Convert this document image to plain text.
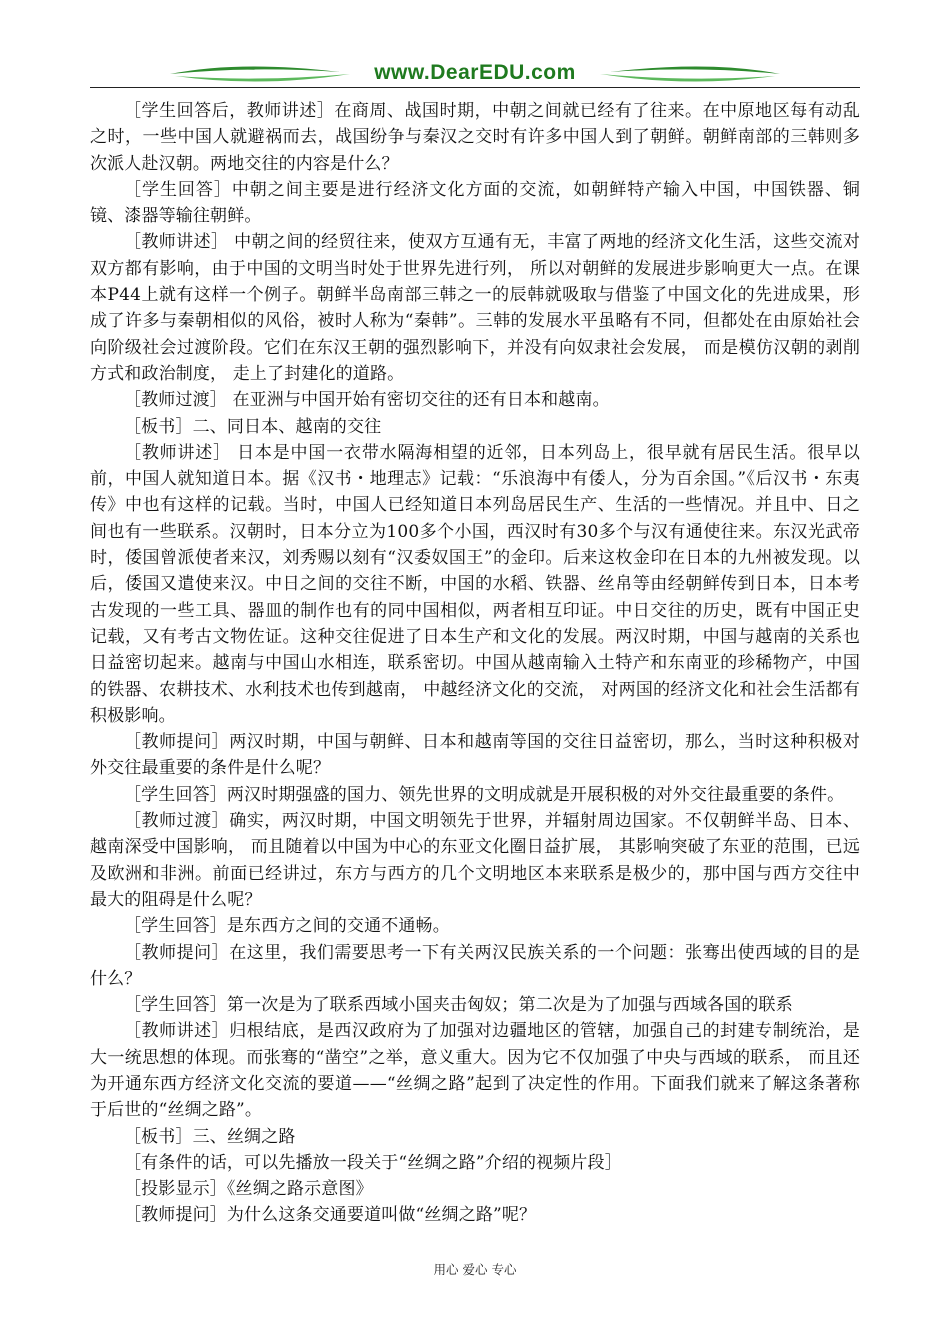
www.DearEDU.com

［学生回答后，教师讲述］在商周、战国时期，中朝之间就已经有了往来。在中原地区每有动乱之时，一些中国人就避祸而去，战国纷争与秦汉之交时有许多中国人到了朝鲜。朝鲜南部的三韩则多次派人赴汉朝。两地交往的内容是什么？

［学生回答］中朝之间主要是进行经济文化方面的交流，如朝鲜特产输入中国，中国铁器、铜镜、漆器等输往朝鲜。

［教师讲述］ 中朝之间的经贸往来，使双方互通有无，丰富了两地的经济文化生活，这些交流对双方都有影响，由于中国的文明当时处于世界先进行列， 所以对朝鲜的发展进步影响更大一点。在课本P44上就有这样一个例子。朝鲜半岛南部三韩之一的辰韩就吸取与借鉴了中国文化的先进成果，形成了许多与秦朝相似的风俗，被时人称为“秦韩”。三韩的发展水平虽略有不同，但都处在由原始社会向阶级社会过渡阶段。它们在东汉王朝的强烈影响下，并没有向奴隶社会发展， 而是模仿汉朝的剥削方式和政治制度， 走上了封建化的道路。

［教师过渡］ 在亚洲与中国开始有密切交往的还有日本和越南。

［板书］二、同日本、越南的交往

［教师讲述］ 日本是中国一衣带水隔海相望的近邻，日本列岛上，很早就有居民生活。很早以前，中国人就知道日本。据《汉书・地理志》记载：“乐浪海中有倭人，分为百余国。”《后汉书・东夷传》中也有这样的记载。当时，中国人已经知道日本列岛居民生产、生活的一些情况。并且中、日之间也有一些联系。汉朝时，日本分立为100多个小国，西汉时有30多个与汉有通使往来。东汉光武帝时，倭国曾派使者来汉，刘秀赐以刻有“汉委奴国王”的金印。后来这枚金印在日本的九州被发现。以后，倭国又遣使来汉。中日之间的交往不断，中国的水稻、铁器、丝帛等由经朝鲜传到日本，日本考古发现的一些工具、器皿的制作也有的同中国相似，两者相互印证。中日交往的历史，既有中国正史记载，又有考古文物佐证。这种交往促进了日本生产和文化的发展。两汉时期，中国与越南的关系也日益密切起来。越南与中国山水相连，联系密切。中国从越南输入土特产和东南亚的珍稀物产，中国的铁器、农耕技术、水利技术也传到越南， 中越经济文化的交流， 对两国的经济文化和社会生活都有积极影响。

［教师提问］两汉时期，中国与朝鲜、日本和越南等国的交往日益密切，那么，当时这种积极对外交往最重要的条件是什么呢？

［学生回答］两汉时期强盛的国力、领先世界的文明成就是开展积极的对外交往最重要的条件。

［教师过渡］确实，两汉时期，中国文明领先于世界，并辐射周边国家。不仅朝鲜半岛、日本、越南深受中国影响， 而且随着以中国为中心的东亚文化圈日益扩展， 其影响突破了东亚的范围，已远及欧洲和非洲。前面已经讲过，东方与西方的几个文明地区本来联系是极少的，那中国与西方交往中最大的阻碍是什么呢？

［学生回答］是东西方之间的交通不通畅。

［教师提问］在这里，我们需要思考一下有关两汉民族关系的一个问题：张骞出使西域的目的是什么？

［学生回答］第一次是为了联系西域小国夹击匈奴；第二次是为了加强与西域各国的联系

［教师讲述］归根结底，是西汉政府为了加强对边疆地区的管辖，加强自己的封建专制统治，是大一统思想的体现。而张骞的“凿空”之举，意义重大。因为它不仅加强了中央与西域的联系， 而且还为开通东西方经济文化交流的要道——“丝绸之路”起到了决定性的作用。下面我们就来了解这条著称于后世的“丝绸之路”。

［板书］三、丝绸之路

［有条件的话，可以先播放一段关于“丝绸之路”介绍的视频片段］

［投影显示］《丝绸之路示意图》

［教师提问］为什么这条交通要道叫做“丝绸之路”呢？

用心 爱心 专心
